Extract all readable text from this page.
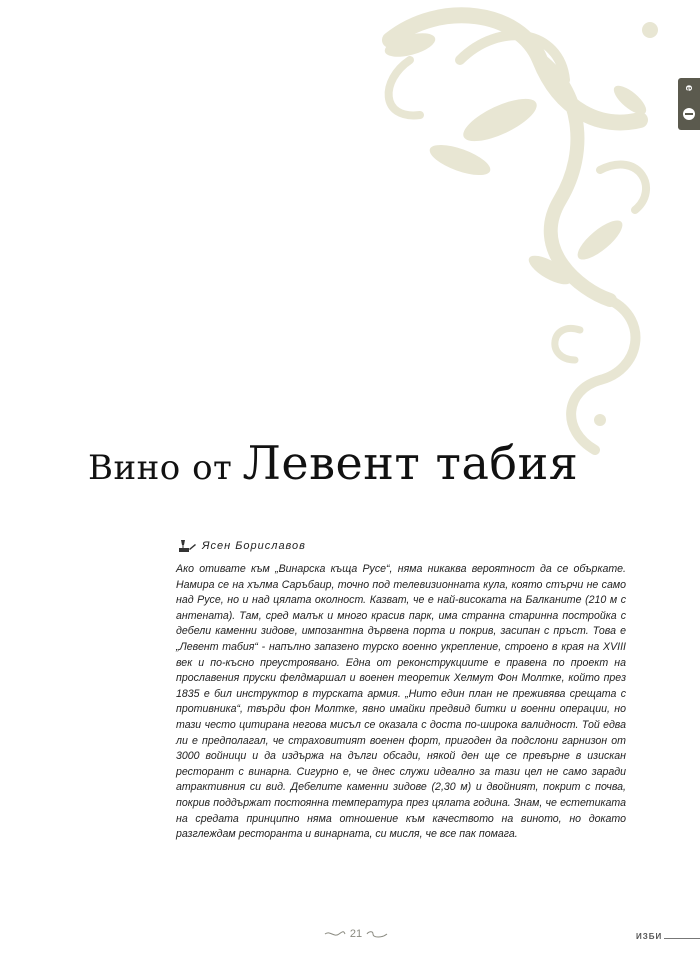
е
Вино от Левент табия
Ясен Бориславов

Ако отивате към „Винарска къща Русе“, няма никаква вероятност да се объркате. Намира се на хълма Саръбаир, точно под телевизионната кула, която стърчи не само над Русе, но и над цялата околност. Казват, че е най-високата на Балканите (210 м с антената). Там, сред малък и много красив парк, има странна старинна постройка с дебели каменни зидове, импозантна дървена порта и покрив, засипан с пръст. Това е „Левент табия“ - напълно запазено турско военно укрепление, строено в края на XVIII век и по-късно преустроявано. Една от реконструкциите е правена по проект на прославения пруски фелдмаршал и военен теоретик Хелмут Фон Молтке, който през 1835 е бил инструктор в турската армия. „Нито един план не преживява срещата с противника“, твърди фон Молтке, явно имайки предвид битки и военни операции, но тази често цитирана негова мисъл се оказала с доста по-широка валидност. Той едва ли е предполагал, че страховитият военен форт, пригоден да подслони гарнизон от 3000 войници и да издържа на дълги обсади, някой ден ще се превърне в изискан ресторант с винарна. Сигурно е, че днес служи идеално за тази цел не само заради атрактивния си вид. Дебелите каменни зидове (2,30 м) и двойният, покрит с почва, покрив поддържат постоянна температура през цялата година. Знам, че естетиката на средата принципно няма отношение към качеството на виното, но докато разглеждам ресторанта и винарната, си мисля, че все пак помага.

21	ИЗБИ
